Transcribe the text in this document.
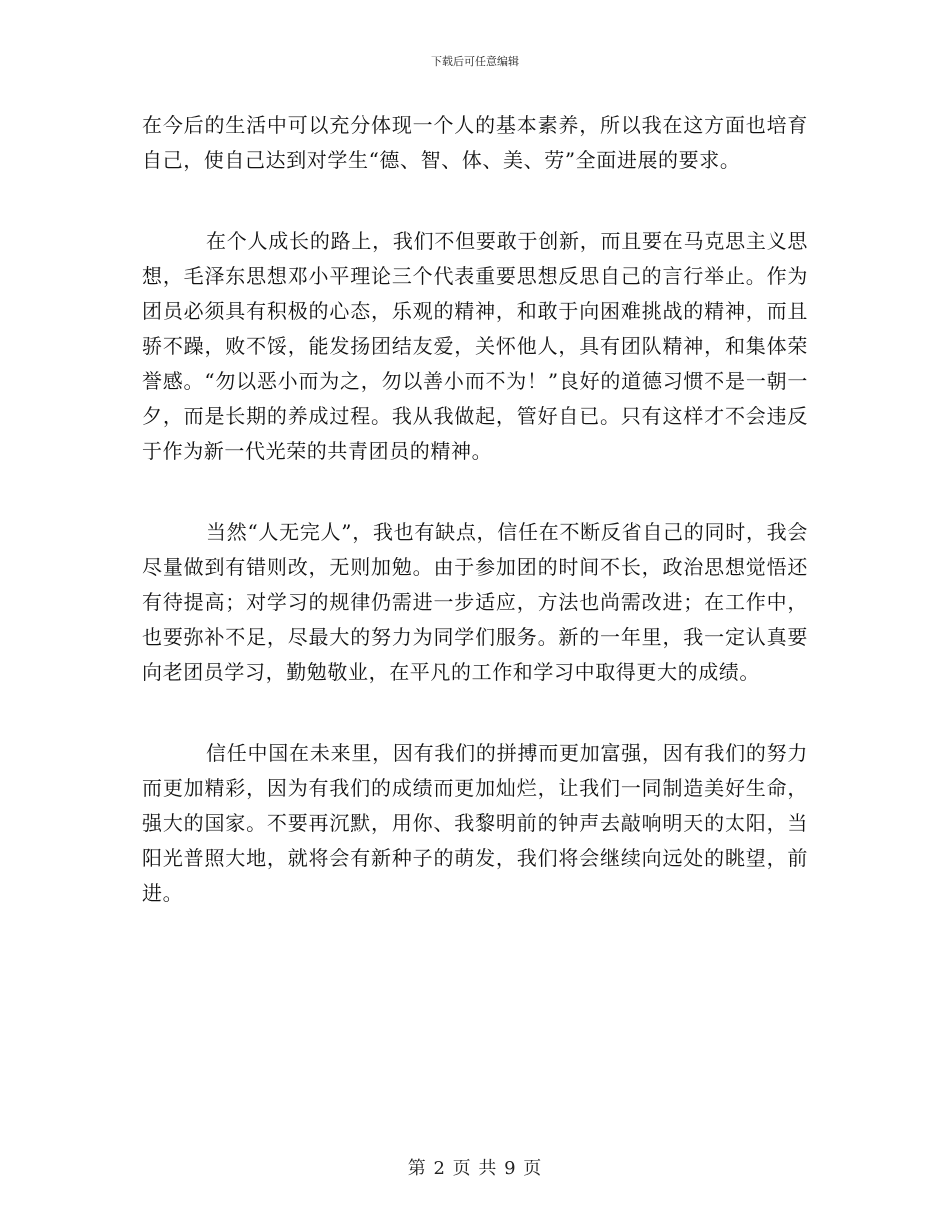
下载后可任意编辑

在今后的生活中可以充分体现一个人的基本素养，所以我在这方面也培育自己，使自己达到对学生“德、智、体、美、劳”全面进展的要求。

在个人成长的路上，我们不但要敢于创新，而且要在马克思主义思想，毛泽东思想邓小平理论三个代表重要思想反思自己的言行举止。作为团员必须具有积极的心态，乐观的精神，和敢于向困难挑战的精神，而且骄不躁，败不馁，能发扬团结友爱，关怀他人，具有团队精神，和集体荣誉感。“勿以恶小而为之，勿以善小而不为！”良好的道德习惯不是一朝一夕，而是长期的养成过程。我从我做起，管好自已。只有这样才不会违反于作为新一代光荣的共青团员的精神。

当然“人无完人”，我也有缺点，信任在不断反省自己的同时，我会尽量做到有错则改，无则加勉。由于参加团的时间不长，政治思想觉悟还有待提高；对学习的规律仍需进一步适应，方法也尚需改进；在工作中，也要弥补不足，尽最大的努力为同学们服务。新的一年里，我一定认真要向老团员学习，勤勉敬业，在平凡的工作和学习中取得更大的成绩。

信任中国在未来里，因有我们的拼搏而更加富强，因有我们的努力而更加精彩，因为有我们的成绩而更加灿烂，让我们一同制造美好生命，强大的国家。不要再沉默，用你、我黎明前的钟声去敲响明天的太阳，当阳光普照大地，就将会有新种子的萌发，我们将会继续向远处的眺望，前进。

第 2 页 共 9 页
